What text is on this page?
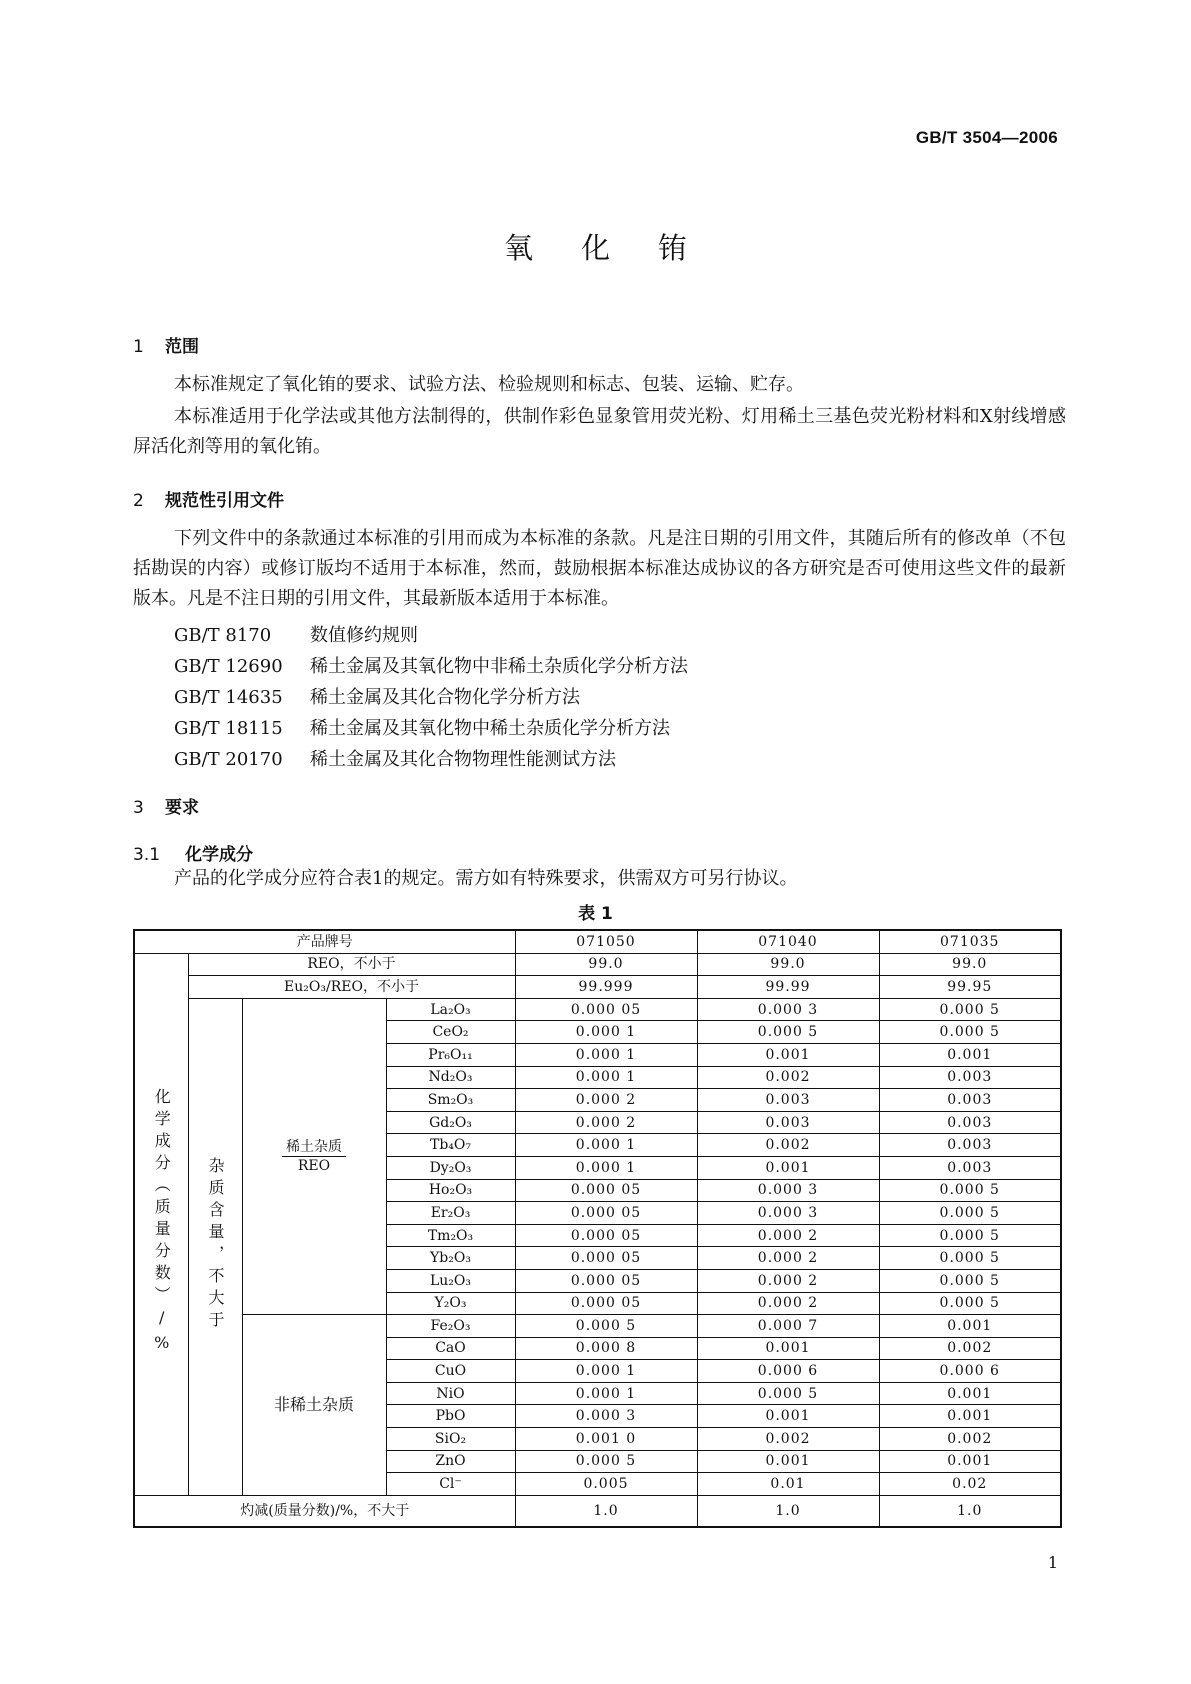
GB/T 3504—2006
氧化铕
1 范围
本标准规定了氧化铕的要求、试验方法、检验规则和标志、包装、运输、贮存。
本标准适用于化学法或其他方法制得的，供制作彩色显象管用荧光粉、灯用稀土三基色荧光粉材料和X射线增感屏活化剂等用的氧化铕。
2 规范性引用文件
下列文件中的条款通过本标准的引用而成为本标准的条款。凡是注日期的引用文件，其随后所有的修改单（不包括勘误的内容）或修订版均不适用于本标准，然而，鼓励根据本标准达成协议的各方研究是否可使用这些文件的最新版本。凡是不注日期的引用文件，其最新版本适用于本标准。
GB/T 8170 数值修约规则
GB/T 12690 稀土金属及其氧化物中非稀土杂质化学分析方法
GB/T 14635 稀土金属及其化合物化学分析方法
GB/T 18115 稀土金属及其氧化物中稀土杂质化学分析方法
GB/T 20170 稀土金属及其化合物物理性能测试方法
3 要求
3.1 化学成分
产品的化学成分应符合表1的规定。需方如有特殊要求，供需双方可另行协议。
表 1
产品牌号				071050	071040	071035
化学成分（质量分数）/%	REO，不小于			99.0	99.0	99.0
	Eu₂O₃/REO，不小于			99.999	99.99	99.95
	杂质含量，不大于	$\frac{\text{稀土杂质}}{\text{REO}}$	La₂O₃	0.000 05	0.000 3	0.000 5
			CeO₂	0.000 1	0.000 5	0.000 5
			Pr₆O₁₁	0.000 1	0.001	0.001
			Nd₂O₃	0.000 1	0.002	0.003
			Sm₂O₃	0.000 2	0.003	0.003
			Gd₂O₃	0.000 2	0.003	0.003
			Tb₄O₇	0.000 1	0.002	0.003
			Dy₂O₃	0.000 1	0.001	0.003
			Ho₂O₃	0.000 05	0.000 3	0.000 5
			Er₂O₃	0.000 05	0.000 3	0.000 5
			Tm₂O₃	0.000 05	0.000 2	0.000 5
			Yb₂O₃	0.000 05	0.000 2	0.000 5
			Lu₂O₃	0.000 05	0.000 2	0.000 5
			Y₂O₃	0.000 05	0.000 2	0.000 5
		非稀土杂质	Fe₂O₃	0.000 5	0.000 7	0.001
			CaO	0.000 8	0.001	0.002
			CuO	0.000 1	0.000 6	0.000 6
			NiO	0.000 1	0.000 5	0.001
			PbO	0.000 3	0.001	0.001
			SiO₂	0.001 0	0.002	0.002
			ZnO	0.000 5	0.001	0.001
			Cl⁻	0.005	0.01	0.02
灼减(质量分数)/%，不大于				1.0	1.0	1.0
1
